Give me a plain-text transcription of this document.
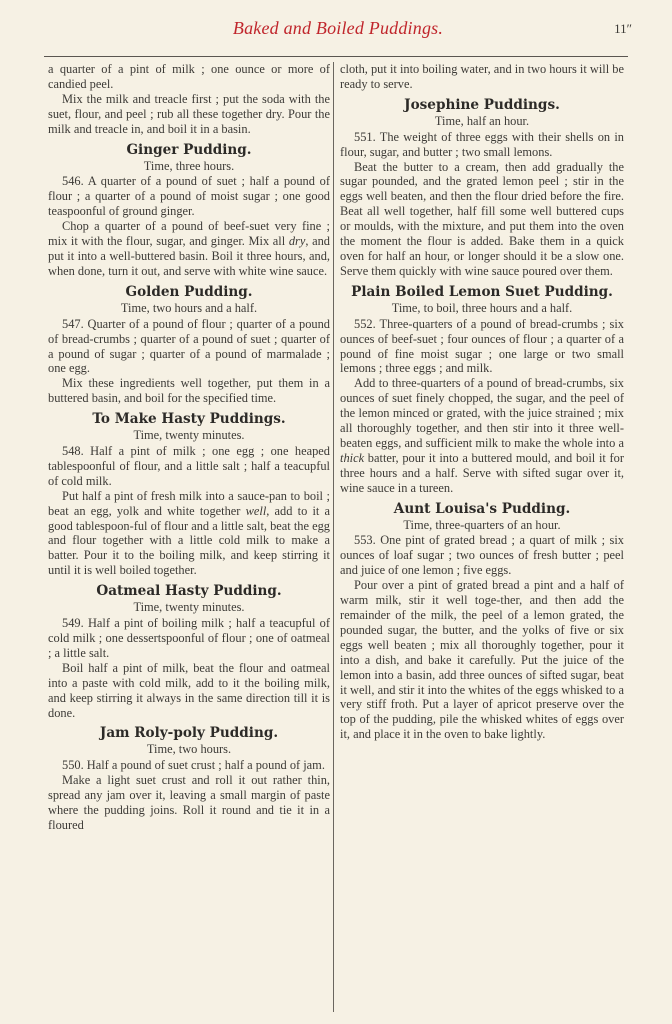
Baked and Boiled Puddings.	11″

a quarter of a pint of milk ; one ounce or more of candied peel.

Mix the milk and treacle first ; put the soda with the suet, flour, and peel ; rub all these together dry. Pour the milk and treacle in, and boil it in a basin.

Ginger Pudding.

Time, three hours.

546. A quarter of a pound of suet ; half a pound of flour ; a quarter of a pound of moist sugar ; one good teaspoonful of ground ginger.

Chop a quarter of a pound of beef-suet very fine ; mix it with the flour, sugar, and ginger. Mix all dry, and put it into a well-buttered basin. Boil it three hours, and, when done, turn it out, and serve with white wine sauce.

Golden Pudding.

Time, two hours and a half.

547. Quarter of a pound of flour ; quarter of a pound of bread-crumbs ; quarter of a pound of suet ; quarter of a pound of sugar ; quarter of a pound of marmalade ; one egg.

Mix these ingredients well together, put them in a buttered basin, and boil for the specified time.

To Make Hasty Puddings.

Time, twenty minutes.

548. Half a pint of milk ; one egg ; one heaped tablespoonful of flour, and a little salt ; half a teacupful of cold milk.

Put half a pint of fresh milk into a sauce-pan to boil ; beat an egg, yolk and white together well, add to it a good tablespoon-ful of flour and a little salt, beat the egg and flour together with a little cold milk to make a batter. Pour it to the boiling milk, and keep stirring it until it is well boiled together.

Oatmeal Hasty Pudding.

Time, twenty minutes.

549. Half a pint of boiling milk ; half a teacupful of cold milk ; one dessertspoonful of flour ; one of oatmeal ; a little salt.

Boil half a pint of milk, beat the flour and oatmeal into a paste with cold milk, add to it the boiling milk, and keep stirring it always in the same direction till it is done.

Jam Roly-poly Pudding.

Time, two hours.

550. Half a pound of suet crust ; half a pound of jam.

Make a light suet crust and roll it out rather thin, spread any jam over it, leaving a small margin of paste where the pudding joins. Roll it round and tie it in a floured

cloth, put it into boiling water, and in two hours it will be ready to serve.

Josephine Puddings.

Time, half an hour.

551. The weight of three eggs with their shells on in flour, sugar, and butter ; two small lemons.

Beat the butter to a cream, then add gradually the sugar pounded, and the grated lemon peel ; stir in the eggs well beaten, and then the flour dried before the fire. Beat all well together, half fill some well buttered cups or moulds, with the mixture, and put them into the oven the moment the flour is added. Bake them in a quick oven for half an hour, or longer should it be a slow one. Serve them quickly with wine sauce poured over them.

Plain Boiled Lemon Suet Pudding.

Time, to boil, three hours and a half.

552. Three-quarters of a pound of bread-crumbs ; six ounces of beef-suet ; four ounces of flour ; a quarter of a pound of fine moist sugar ; one large or two small lemons ; three eggs ; and milk.

Add to three-quarters of a pound of bread-crumbs, six ounces of suet finely chopped, the sugar, and the peel of the lemon minced or grated, with the juice strained ; mix all thoroughly together, and then stir into it three well-beaten eggs, and sufficient milk to make the whole into a thick batter, pour it into a buttered mould, and boil it for three hours and a half. Serve with sifted sugar over it, wine sauce in a tureen.

Aunt Louisa's Pudding.

Time, three-quarters of an hour.

553. One pint of grated bread ; a quart of milk ; six ounces of loaf sugar ; two ounces of fresh butter ; peel and juice of one lemon ; five eggs.

Pour over a pint of grated bread a pint and a half of warm milk, stir it well toge-ther, and then add the remainder of the milk, the peel of a lemon grated, the pounded sugar, the butter, and the yolks of five or six eggs well beaten ; mix all thoroughly together, pour it into a dish, and bake it carefully. Put the juice of the lemon into a basin, add three ounces of sifted sugar, beat it well, and stir it into the whites of the eggs whisked to a very stiff froth. Put a layer of apricot preserve over the top of the pudding, pile the whisked whites of eggs over it, and place it in the oven to bake lightly.
